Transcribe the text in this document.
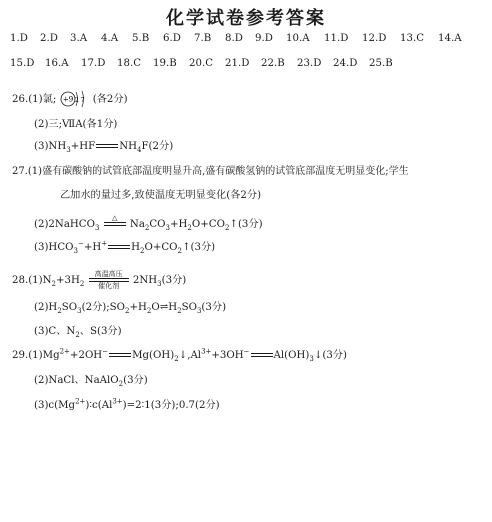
化学试卷参考答案
1.D 2.D 3.A 4.A 5.B 6.D 7.B 8.D 9.D 10.A 11.D 12.D 13.C 14.A
15.D 16.A 17.D 18.C 19.B 20.C 21.D 22.B 23.D 24.D 25.B
26.(1)氯; +9 2 7 (各2分)
(2)三;ⅦA(各1分)
$(3)NH_3+HF$ $NH_4F(2$分)
27.(1)盛有碳酸钠的试管底部温度明显升高,盛有碳酸氢钠的试管底部温度无明显变化;学生
乙加水的量过多,致使温度无明显变化(各2分)
(2)2NaHCO$_3$
△

$Na_2CO_3+H_2O+CO_2↑(3$分)
$(3)HCO_3^-+H^+$ $H_2O+CO_2↑(3$分)
$28.(1)N_2+3H_2$
高温高压
催化剂	$2NH_3(3$分)
$(2)H_2SO_3(2$分)$;SO_2+H_2O\rightleftharpoons H_2SO_3(3$分)
(3)C、$N_2$、S(3分)
$29.(1)Mg^{2+}+2OH^-$ $Mg(OH)_2↓,Al^{3+}+3OH^-$ $Al(OH)_3↓(3$分)
(2)NaCl、NaAlO$_2$(3分)
$(3)c(Mg^{2+})∶c(Al^{3+})=2∶1(3$分);0.7(2分)
